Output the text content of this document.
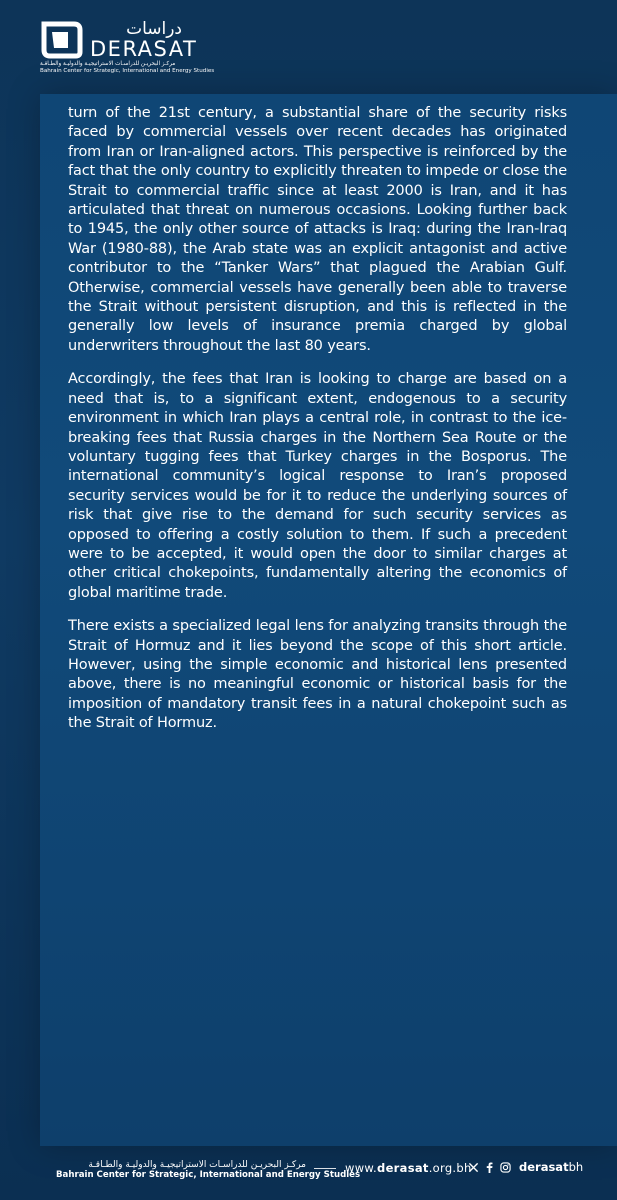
دراسات
DERASAT
مركـز البحريـن للدراسـات الاستراتيجيـة والدوليـة والطـاقـة
Bahrain Center for Strategic, International and Energy Studies

turn of the 21st century, a substantial share of the security risks faced by commercial vessels over recent decades has originated from Iran or Iran-aligned actors. This perspective is reinforced by the fact that the only country to explicitly threaten to impede or close the Strait to commercial traffic since at least 2000 is Iran, and it has articulated that threat on numerous occasions. Looking further back to 1945, the only other source of attacks is Iraq: during the Iran-Iraq War (1980-88), the Arab state was an explicit antagonist and active contributor to the “Tanker Wars” that plagued the Arabian Gulf. Otherwise, commercial vessels have generally been able to traverse the Strait without persistent disruption, and this is reflected in the generally low levels of insurance premia charged by global underwriters throughout the last 80 years.

Accordingly, the fees that Iran is looking to charge are based on a need that is, to a significant extent, endogenous to a security environment in which Iran plays a central role, in contrast to the ice-breaking fees that Russia charges in the Northern Sea Route or the voluntary tugging fees that Turkey charges in the Bosporus. The international community’s logical response to Iran’s proposed security services would be for it to reduce the underlying sources of risk that give rise to the demand for such security services as opposed to offering a costly solution to them. If such a precedent were to be accepted, it would open the door to similar charges at other critical chokepoints, fundamentally altering the economics of global maritime trade.

There exists a specialized legal lens for analyzing transits through the Strait of Hormuz and it lies beyond the scope of this short article. However, using the simple economic and historical lens presented above, there is no meaningful economic or historical basis for the imposition of mandatory transit fees in a natural chokepoint such as the Strait of Hormuz.

مركـز البحريـن للدراسـات الاستراتيجيـة والدوليـة والطـاقـة
Bahrain Center for Strategic, International and Energy Studies
www.derasat.org.bh	derasatbh
